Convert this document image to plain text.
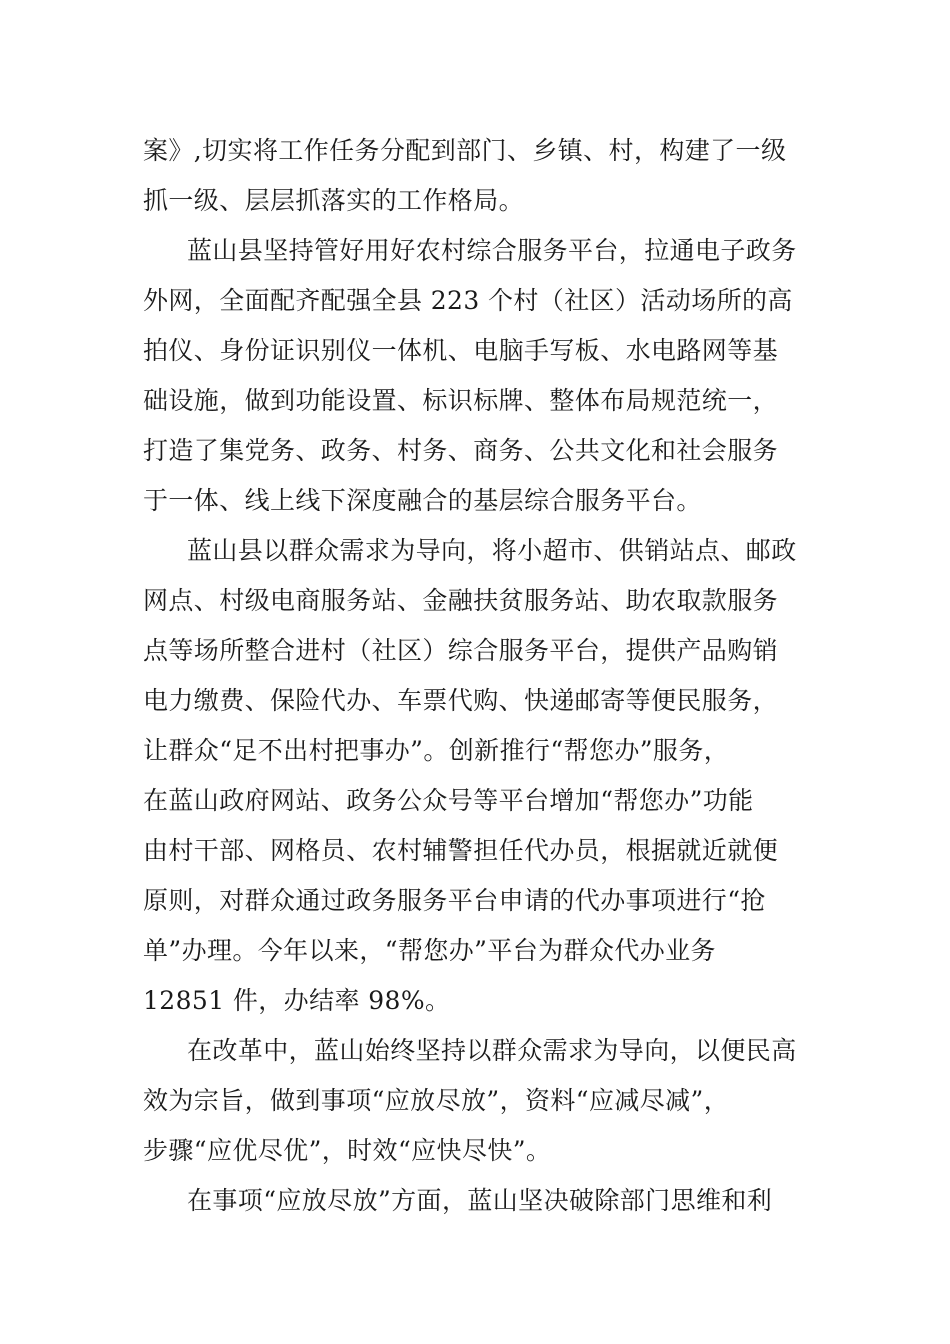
案》,切实将工作任务分配到部门、乡镇、村，构建了一级
抓一级、层层抓落实的工作格局。
蓝山县坚持管好用好农村综合服务平台，拉通电子政务
外网，全面配齐配强全县 223 个村（社区）活动场所的高
拍仪、身份证识别仪一体机、电脑手写板、水电路网等基
础设施，做到功能设置、标识标牌、整体布局规范统一，
打造了集党务、政务、村务、商务、公共文化和社会服务
于一体、线上线下深度融合的基层综合服务平台。
蓝山县以群众需求为导向，将小超市、供销站点、邮政
网点、村级电商服务站、金融扶贫服务站、助农取款服务
点等场所整合进村（社区）综合服务平台，提供产品购销
电力缴费、保险代办、车票代购、快递邮寄等便民服务，
让群众“足不出村把事办”。创新推行“帮您办”服务，
在蓝山政府网站、政务公众号等平台增加“帮您办”功能
由村干部、网格员、农村辅警担任代办员，根据就近就便
原则，对群众通过政务服务平台申请的代办事项进行“抢
单”办理。今年以来，“帮您办”平台为群众代办业务
12851 件，办结率 98%。
在改革中，蓝山始终坚持以群众需求为导向，以便民高
效为宗旨，做到事项“应放尽放”，资料“应减尽减”，
步骤“应优尽优”，时效“应快尽快”。
在事项“应放尽放”方面，蓝山坚决破除部门思维和利
